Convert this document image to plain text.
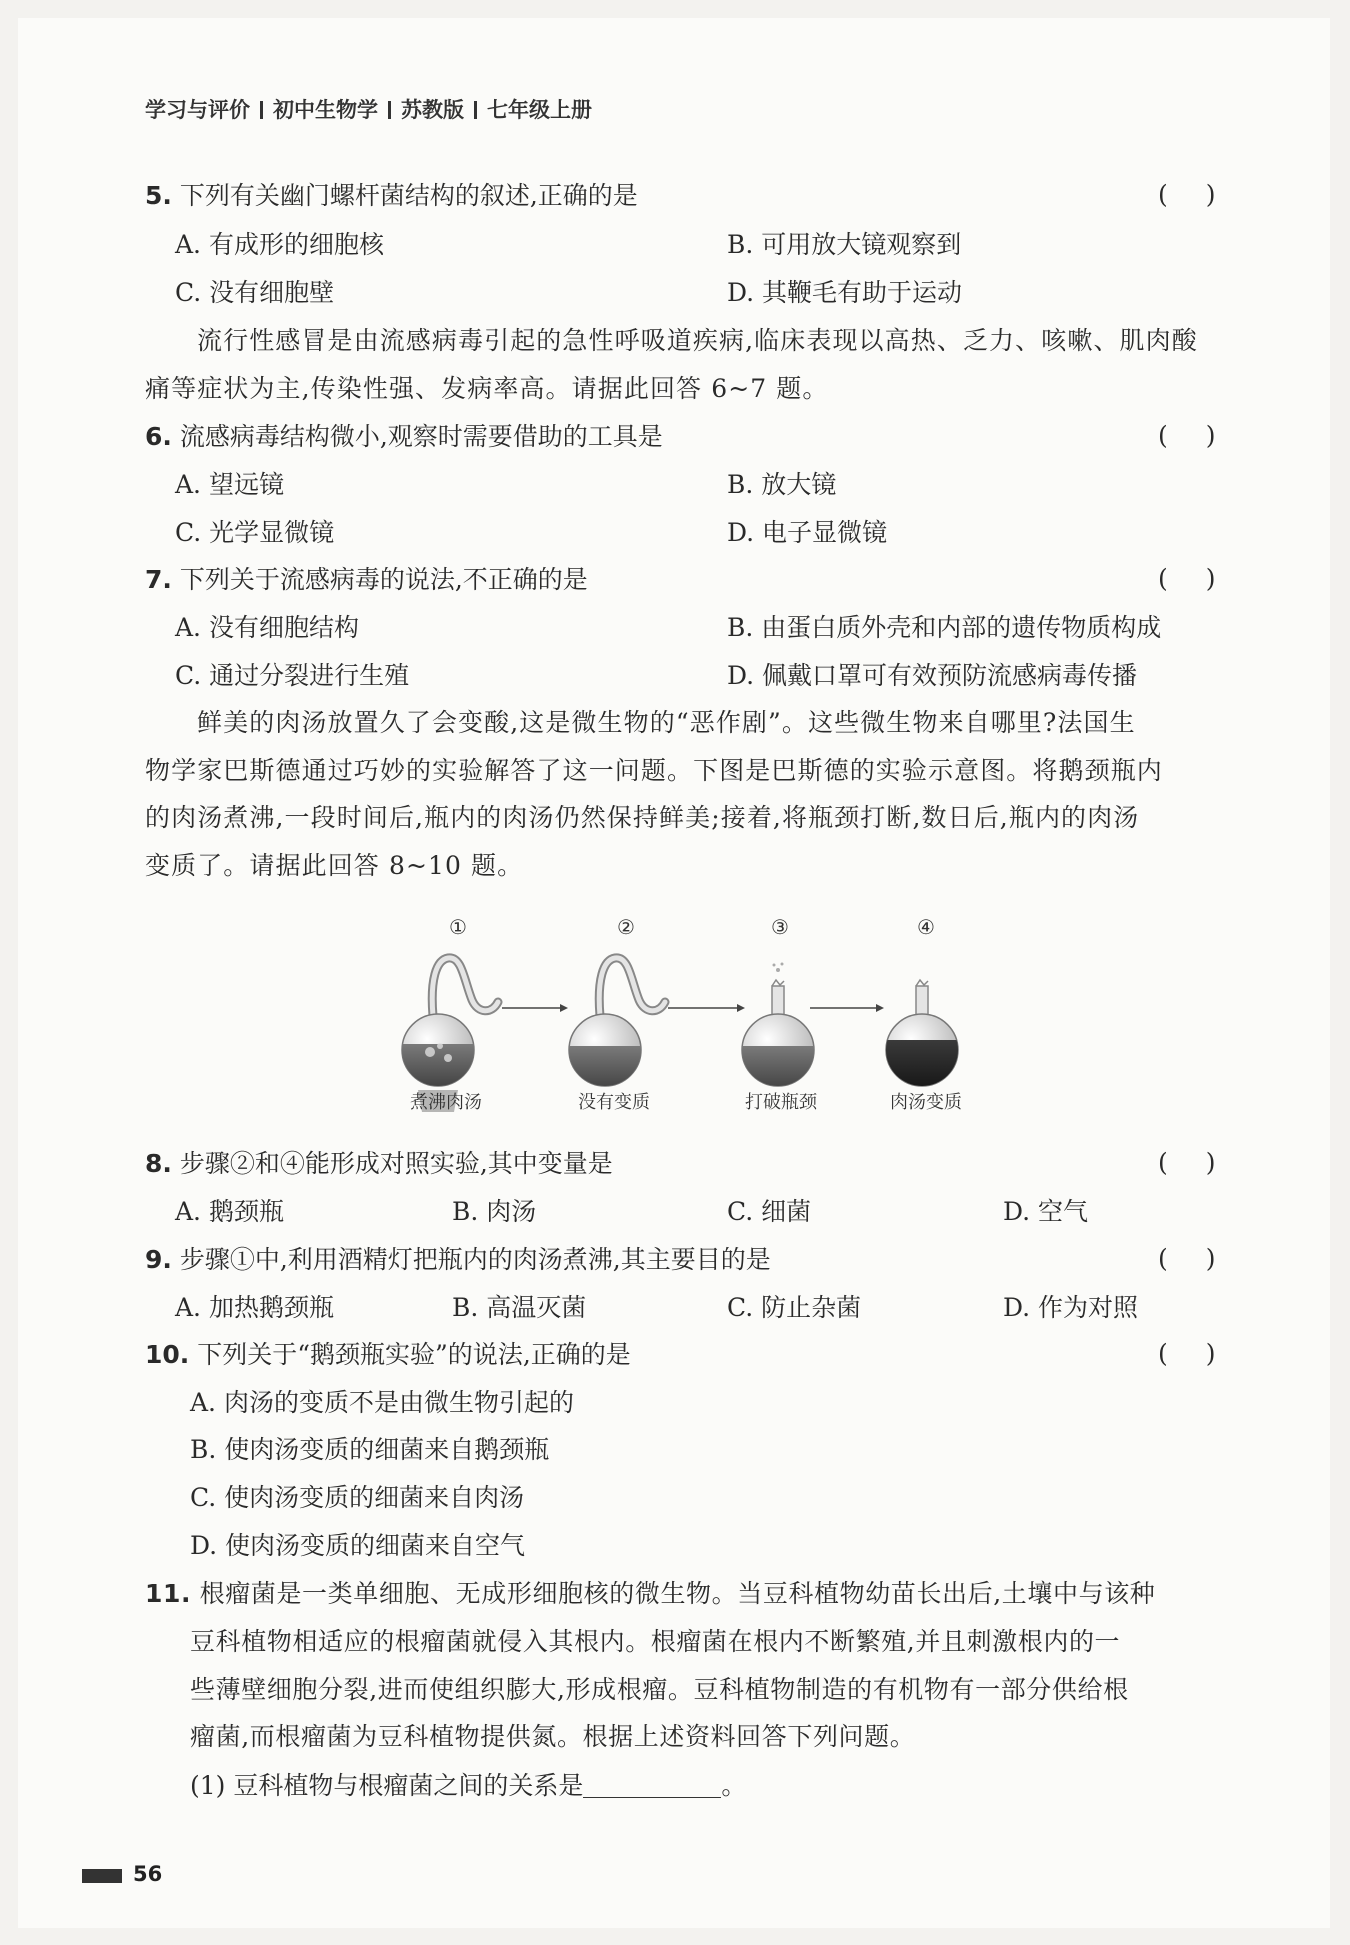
学习与评价 初中生物学 苏教版 七年级上册
5. 下列有关幽门螺杆菌结构的叙述,正确的是	()
A. 有成形的细胞核	B. 可用放大镜观察到
C. 没有细胞壁	D. 其鞭毛有助于运动
流行性感冒是由流感病毒引起的急性呼吸道疾病,临床表现以高热、乏力、咳嗽、肌肉酸
痛等症状为主,传染性强、发病率高。请据此回答 6~7 题。
6. 流感病毒结构微小,观察时需要借助的工具是	()
A. 望远镜	B. 放大镜
C. 光学显微镜	D. 电子显微镜
7. 下列关于流感病毒的说法,不正确的是	()
A. 没有细胞结构	B. 由蛋白质外壳和内部的遗传物质构成
C. 通过分裂进行生殖	D. 佩戴口罩可有效预防流感病毒传播
鲜美的肉汤放置久了会变酸,这是微生物的“恶作剧”。这些微生物来自哪里?法国生
物学家巴斯德通过巧妙的实验解答了这一问题。下图是巴斯德的实验示意图。将鹅颈瓶内
的肉汤煮沸,一段时间后,瓶内的肉汤仍然保持鲜美;接着,将瓶颈打断,数日后,瓶内的肉汤
变质了。请据此回答 8~10 题。
①	②	③	④
煮沸肉汤	没有变质	打破瓶颈	肉汤变质
8. 步骤②和④能形成对照实验,其中变量是	()
A. 鹅颈瓶	B. 肉汤	C. 细菌	D. 空气
9. 步骤①中,利用酒精灯把瓶内的肉汤煮沸,其主要目的是	()
A. 加热鹅颈瓶	B. 高温灭菌	C. 防止杂菌	D. 作为对照
10. 下列关于“鹅颈瓶实验”的说法,正确的是	()
A. 肉汤的变质不是由微生物引起的
B. 使肉汤变质的细菌来自鹅颈瓶
C. 使肉汤变质的细菌来自肉汤
D. 使肉汤变质的细菌来自空气
11. 根瘤菌是一类单细胞、无成形细胞核的微生物。当豆科植物幼苗长出后,土壤中与该种
豆科植物相适应的根瘤菌就侵入其根内。根瘤菌在根内不断繁殖,并且刺激根内的一
些薄壁细胞分裂,进而使组织膨大,形成根瘤。豆科植物制造的有机物有一部分供给根
瘤菌,而根瘤菌为豆科植物提供氮。根据上述资料回答下列问题。
(1) 豆科植物与根瘤菌之间的关系是	。
56
